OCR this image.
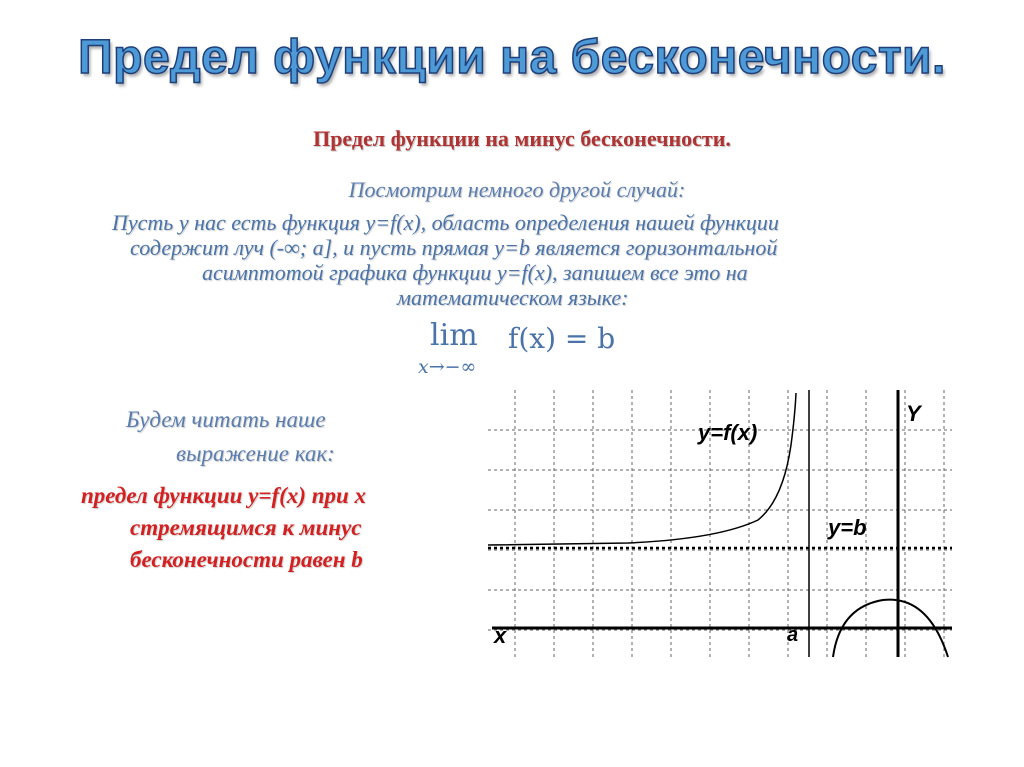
Предел функции на бесконечности.
Предел функции на минус бесконечности.
Посмотрим немного другой случай:
Пусть у нас есть функция y=f(x), область определения нашей функции
содержит луч (-∞; a], и пусть прямая y=b является горизонтальной
асимптотой графика функции y=f(x), запишем все это на
математическом языке:
lim
x→−∞
f(x) = b
Будем читать наше
выражение как:
предел функции y=f(x) при x
стремящимся к минус
бесконечности равен b
y=f(x)
Y
y=b
x	a
